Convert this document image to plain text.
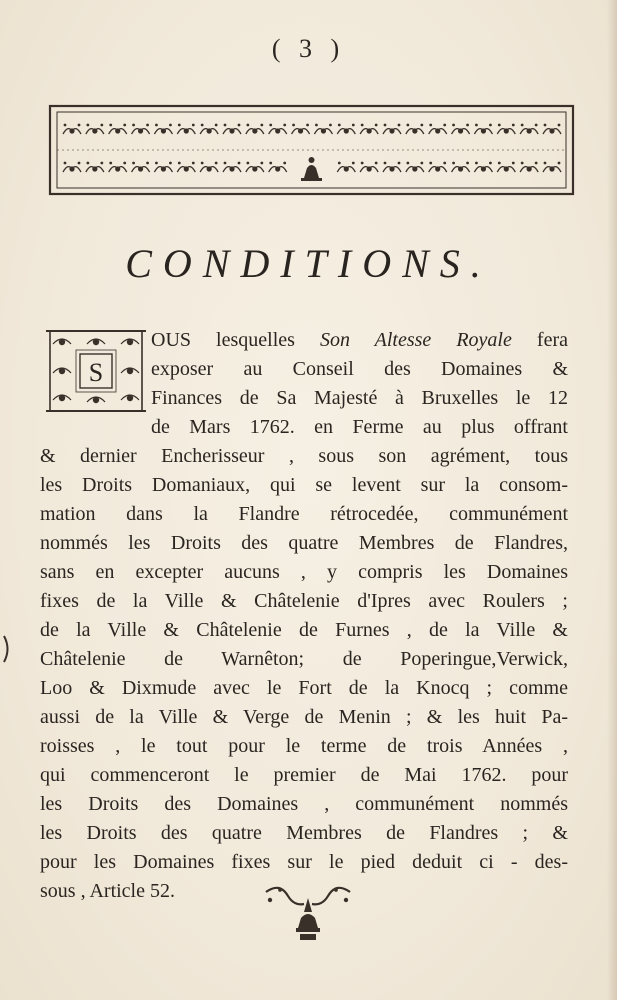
( 3 )
CONDITIONS.
S
OUS lesquelles Son Altesse Royale fera
exposer au Conseil des Domaines &
Finances de Sa Majesté à Bruxelles le 12
de Mars 1762. en Ferme au plus offrant
& dernier Encherisseur , sous son agrément, tous
les Droits Domaniaux, qui se levent sur la consom-
mation dans la Flandre rétrocedée, communément
nommés les Droits des quatre Membres de Flandres,
sans en excepter aucuns , y compris les Domaines
fixes de la Ville & Châtelenie d'Ipres avec Roulers ;
de la Ville & Châtelenie de Furnes , de la Ville &
Châtelenie de Warnêton; de Poperingue,Verwick,
Loo & Dixmude avec le Fort de la Knocq ; comme
aussi de la Ville & Verge de Menin ; & les huit Pa-
roisses , le tout pour le terme de trois Années ,
qui commenceront le premier de Mai 1762. pour
les Droits des Domaines , communément nommés
les Droits des quatre Membres de Flandres ; &
pour les Domaines fixes sur le pied deduit ci - des-
sous , Article 52.
